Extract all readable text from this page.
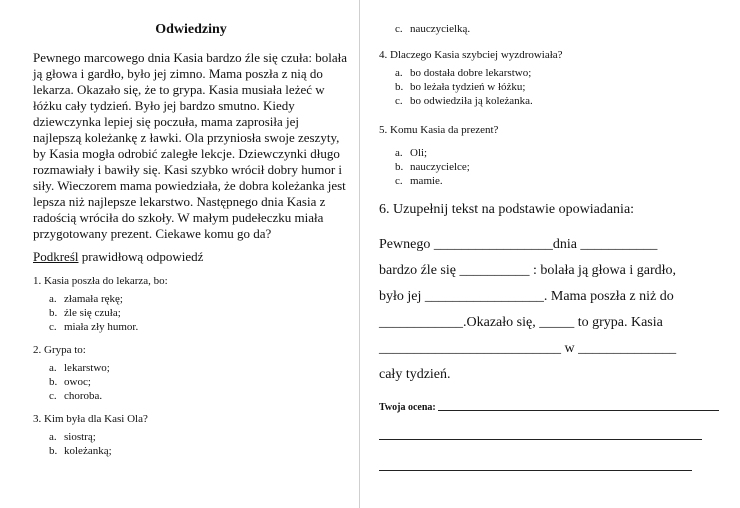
Odwiedziny

Pewnego marcowego dnia Kasia bardzo źle się czuła: bolała ją głowa i gardło, było jej zimno. Mama poszła z nią do lekarza. Okazało się, że to grypa. Kasia musiała leżeć w łóżku cały tydzień. Było jej bardzo smutno. Kiedy dziewczynka lepiej się poczuła, mama zaprosiła jej najlepszą koleżankę z ławki. Ola przyniosła swoje zeszyty, by Kasia mogła odrobić zaległe lekcje. Dziewczynki długo rozmawiały i bawiły się. Kasi szybko wrócił dobry humor i siły. Wieczorem mama powiedziała, że dobra koleżanka jest lepsza niż najlepsze lekarstwo. Następnego dnia Kasia z radością wróciła do szkoły. W małym pudełeczku miała przygotowany prezent. Ciekawe komu go da?

Podkreśl prawidłową odpowiedź

1. Kasia poszła do lekarza, bo:

a. złamała rękę;
b. źle się czuła;
c. miała zły humor.

2. Grypa to:

a. lekarstwo;
b. owoc;
c. choroba.

3. Kim była dla Kasi Ola?

a. siostrą;
b. koleżanką;
c. nauczycielką.

4. Dlaczego Kasia szybciej wyzdrowiała?

a. bo dostała dobre lekarstwo;
b. bo leżała tydzień w łóżku;
c. bo odwiedziła ją koleżanka.

5. Komu Kasia da prezent?

a. Oli;
b. nauczycielce;
c. mamie.

6. Uzupełnij tekst na podstawie opowiadania:

Pewnego _________________dnia ___________

bardzo źle się __________ : bolała ją głowa i gardło,

było jej _________________. Mama poszła z niż do

____________.Okazało się, _____ to grypa. Kasia

__________________________ w ______________

cały tydzień.

Twoja ocena:
